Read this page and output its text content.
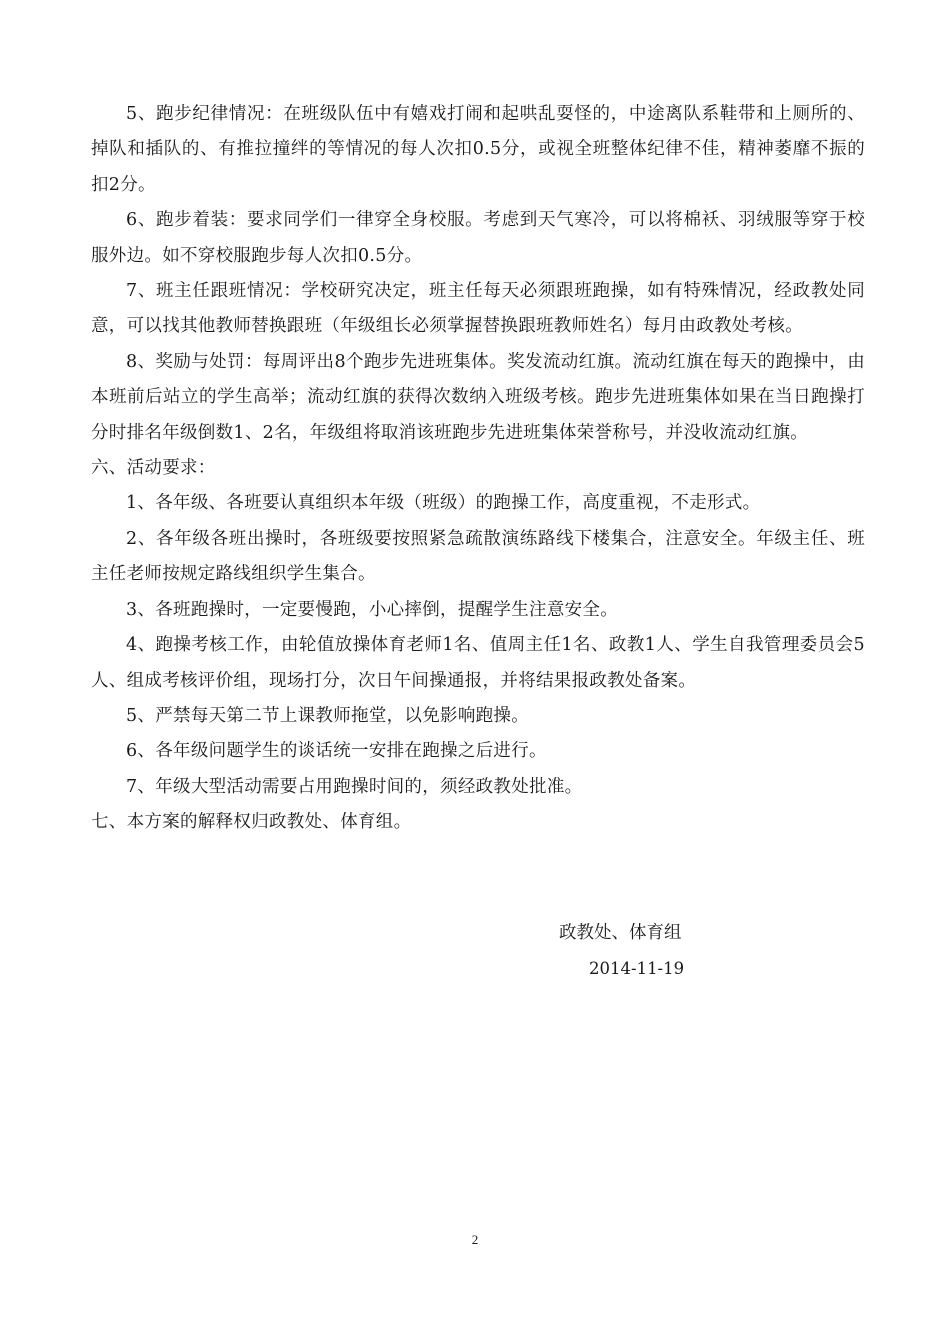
5、跑步纪律情况：在班级队伍中有嬉戏打闹和起哄乱耍怪的，中途离队系鞋带和上厕所的、掉队和插队的、有推拉撞绊的等情况的每人次扣0.5分，或视全班整体纪律不佳，精神萎靡不振的扣2分。

6、跑步着装：要求同学们一律穿全身校服。考虑到天气寒冷，可以将棉袄、羽绒服等穿于校服外边。如不穿校服跑步每人次扣0.5分。

7、班主任跟班情况：学校研究决定，班主任每天必须跟班跑操，如有特殊情况，经政教处同意，可以找其他教师替换跟班（年级组长必须掌握替换跟班教师姓名）每月由政教处考核。

8、奖励与处罚：每周评出8个跑步先进班集体。奖发流动红旗。流动红旗在每天的跑操中，由本班前后站立的学生高举；流动红旗的获得次数纳入班级考核。跑步先进班集体如果在当日跑操打分时排名年级倒数1、2名，年级组将取消该班跑步先进班集体荣誉称号，并没收流动红旗。

六、活动要求：

1、各年级、各班要认真组织本年级（班级）的跑操工作，高度重视，不走形式。

2、各年级各班出操时，各班级要按照紧急疏散演练路线下楼集合，注意安全。年级主任、班主任老师按规定路线组织学生集合。

3、各班跑操时，一定要慢跑，小心摔倒，提醒学生注意安全。

4、跑操考核工作，由轮值放操体育老师1名、值周主任1名、政教1人、学生自我管理委员会5人、组成考核评价组，现场打分，次日午间操通报，并将结果报政教处备案。

5、严禁每天第二节上课教师拖堂，以免影响跑操。

6、各年级问题学生的谈话统一安排在跑操之后进行。

7、年级大型活动需要占用跑操时间的，须经政教处批准。

七、本方案的解释权归政教处、体育组。

政教处、体育组
2014-11-19
2
